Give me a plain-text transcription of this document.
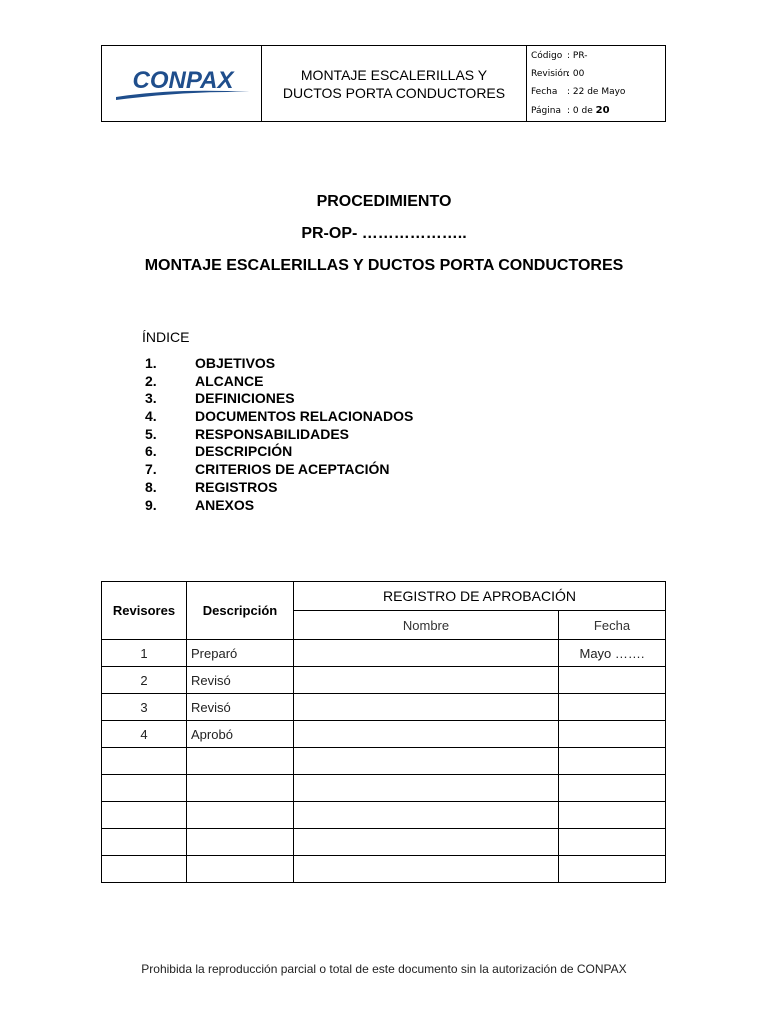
CONPAX	MONTAJE ESCALERILLAS Y
DUCTOS PORTA CONDUCTORES
Código : PR-
Revisión: 00
Fecha : 22 de Mayo
Página : 0 de 20
PROCEDIMIENTO
PR-OP- ………………..
MONTAJE ESCALERILLAS Y DUCTOS PORTA CONDUCTORES
ÍNDICE
1.	OBJETIVOS
2.	ALCANCE
3.	DEFINICIONES
4.	DOCUMENTOS RELACIONADOS
5.	RESPONSABILIDADES
6.	DESCRIPCIÓN
7.	CRITERIOS DE ACEPTACIÓN
8.	REGISTROS
9.	ANEXOS
Revisores	Descripción	REGISTRO DE APROBACIÓN	
		Nombre	Fecha
1	Preparó		Mayo …….
2	Revisó		
3	Revisó		
4	Aprobó		

Prohibida la reproducción parcial o total de este documento sin la autorización de CONPAX
